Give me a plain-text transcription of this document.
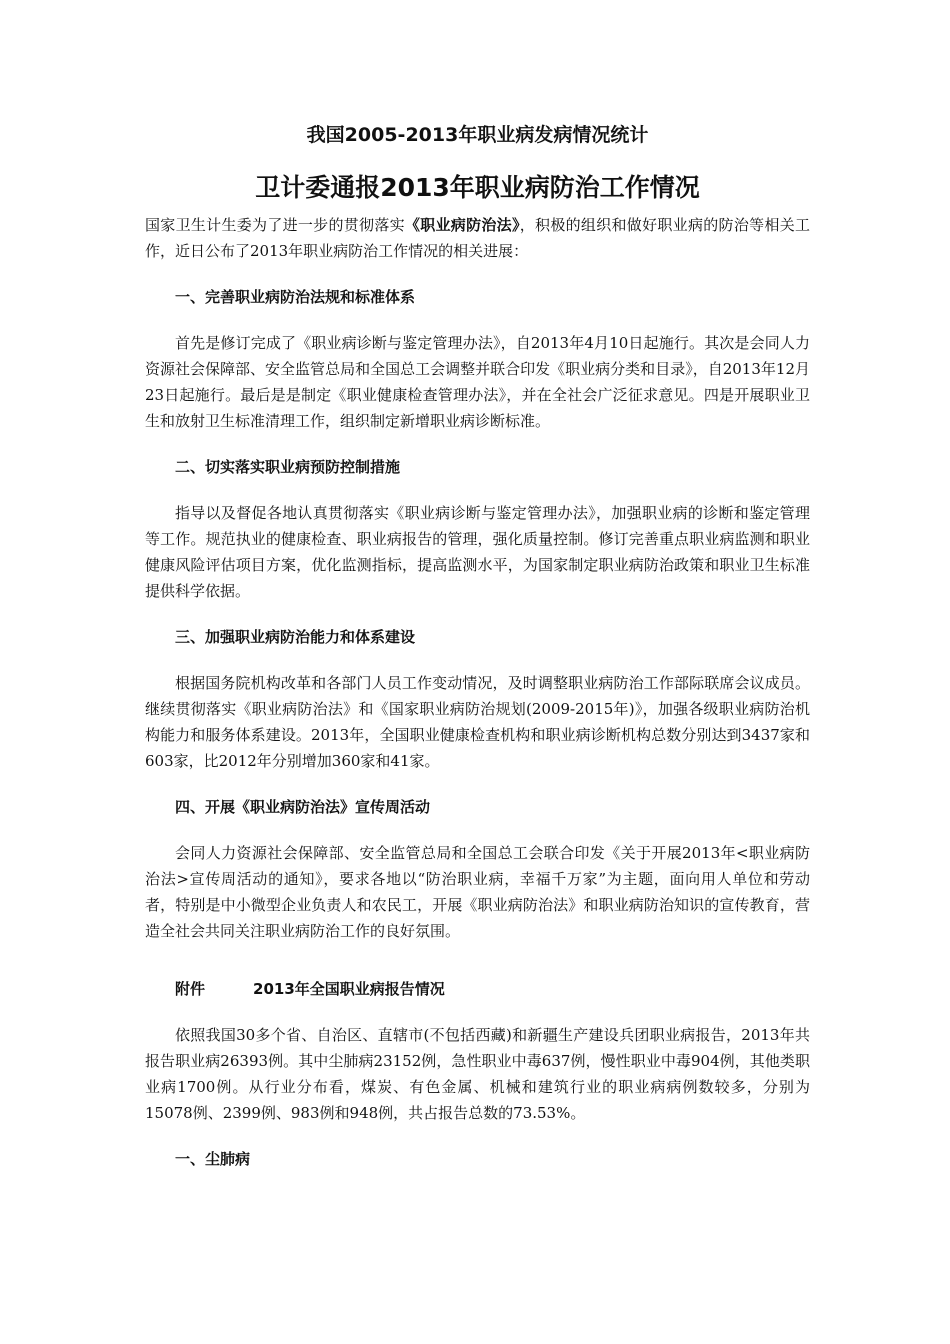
我国2005-2013年职业病发病情况统计
卫计委通报2013年职业病防治工作情况

国家卫生计生委为了进一步的贯彻落实《职业病防治法》，积极的组织和做好职业病的防治等相关工作，近日公布了2013年职业病防治工作情况的相关进展：

一、完善职业病防治法规和标准体系

首先是修订完成了《职业病诊断与鉴定管理办法》，自2013年4月10日起施行。其次是会同人力资源社会保障部、安全监管总局和全国总工会调整并联合印发《职业病分类和目录》，自2013年12月23日起施行。最后是是制定《职业健康检查管理办法》，并在全社会广泛征求意见。四是开展职业卫生和放射卫生标准清理工作，组织制定新增职业病诊断标准。

二、切实落实职业病预防控制措施

指导以及督促各地认真贯彻落实《职业病诊断与鉴定管理办法》，加强职业病的诊断和鉴定管理等工作。规范执业的健康检查、职业病报告的管理，强化质量控制。修订完善重点职业病监测和职业健康风险评估项目方案，优化监测指标，提高监测水平，为国家制定职业病防治政策和职业卫生标准提供科学依据。

三、加强职业病防治能力和体系建设

根据国务院机构改革和各部门人员工作变动情况，及时调整职业病防治工作部际联席会议成员。继续贯彻落实《职业病防治法》和《国家职业病防治规划(2009-2015年)》，加强各级职业病防治机构能力和服务体系建设。2013年，全国职业健康检查机构和职业病诊断机构总数分别达到3437家和603家，比2012年分别增加360家和41家。

四、开展《职业病防治法》宣传周活动

会同人力资源社会保障部、安全监管总局和全国总工会联合印发《关于开展2013年<职业病防治法>宣传周活动的通知》，要求各地以“防治职业病，幸福千万家”为主题，面向用人单位和劳动者，特别是中小微型企业负责人和农民工，开展《职业病防治法》和职业病防治知识的宣传教育，营造全社会共同关注职业病防治工作的良好氛围。

附件	2013年全国职业病报告情况

依照我国30多个省、自治区、直辖市(不包括西藏)和新疆生产建设兵团职业病报告，2013年共报告职业病26393例。其中尘肺病23152例，急性职业中毒637例，慢性职业中毒904例，其他类职业病1700例。从行业分布看，煤炭、有色金属、机械和建筑行业的职业病病例数较多，分别为15078例、2399例、983例和948例，共占报告总数的73.53%。

一、尘肺病
